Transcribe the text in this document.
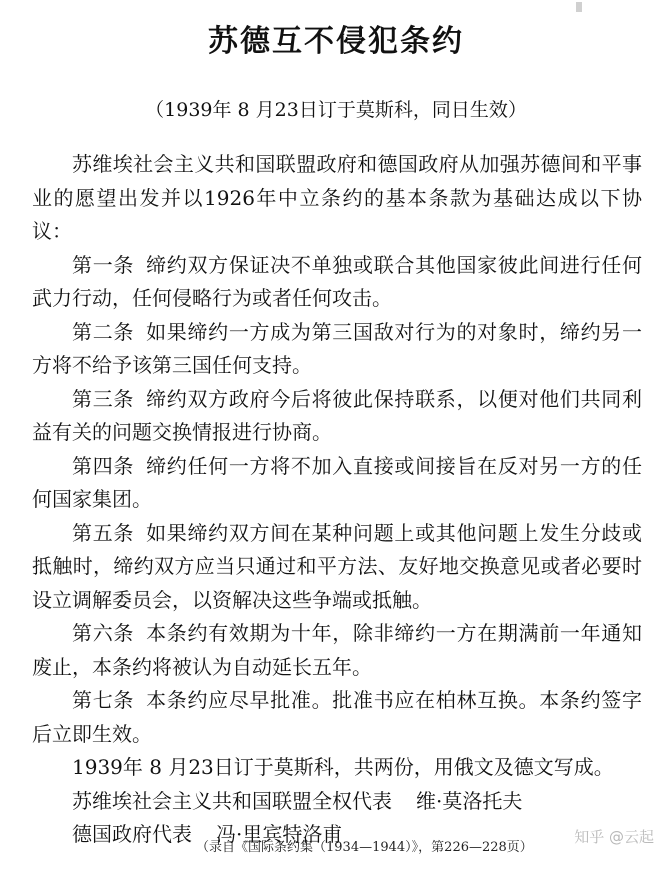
苏德互不侵犯条约
（1939年 8 月23日订于莫斯科，同日生效）

苏维埃社会主义共和国联盟政府和德国政府从加强苏德间和平事业的愿望出发并以1926年中立条约的基本条款为基础达成以下协议：

第一条 缔约双方保证决不单独或联合其他国家彼此间进行任何武力行动，任何侵略行为或者任何攻击。

第二条 如果缔约一方成为第三国敌对行为的对象时，缔约另一方将不给予该第三国任何支持。

第三条 缔约双方政府今后将彼此保持联系，以便对他们共同利益有关的问题交换情报进行协商。

第四条 缔约任何一方将不加入直接或间接旨在反对另一方的任何国家集团。

第五条 如果缔约双方间在某种问题上或其他问题上发生分歧或抵触时，缔约双方应当只通过和平方法、友好地交换意见或者必要时设立调解委员会，以资解决这些争端或抵触。

第六条 本条约有效期为十年，除非缔约一方在期满前一年通知废止，本条约将被认为自动延长五年。

第七条 本条约应尽早批准。批准书应在柏林互换。本条约签字后立即生效。

1939年 8 月23日订于莫斯科，共两份，用俄文及德文写成。

苏维埃社会主义共和国联盟全权代表 维·莫洛托夫

德国政府代表 冯·里宾特洛甫

（录自《国际条约集（1934—1944）》，第226—228页）
知乎 @云起
